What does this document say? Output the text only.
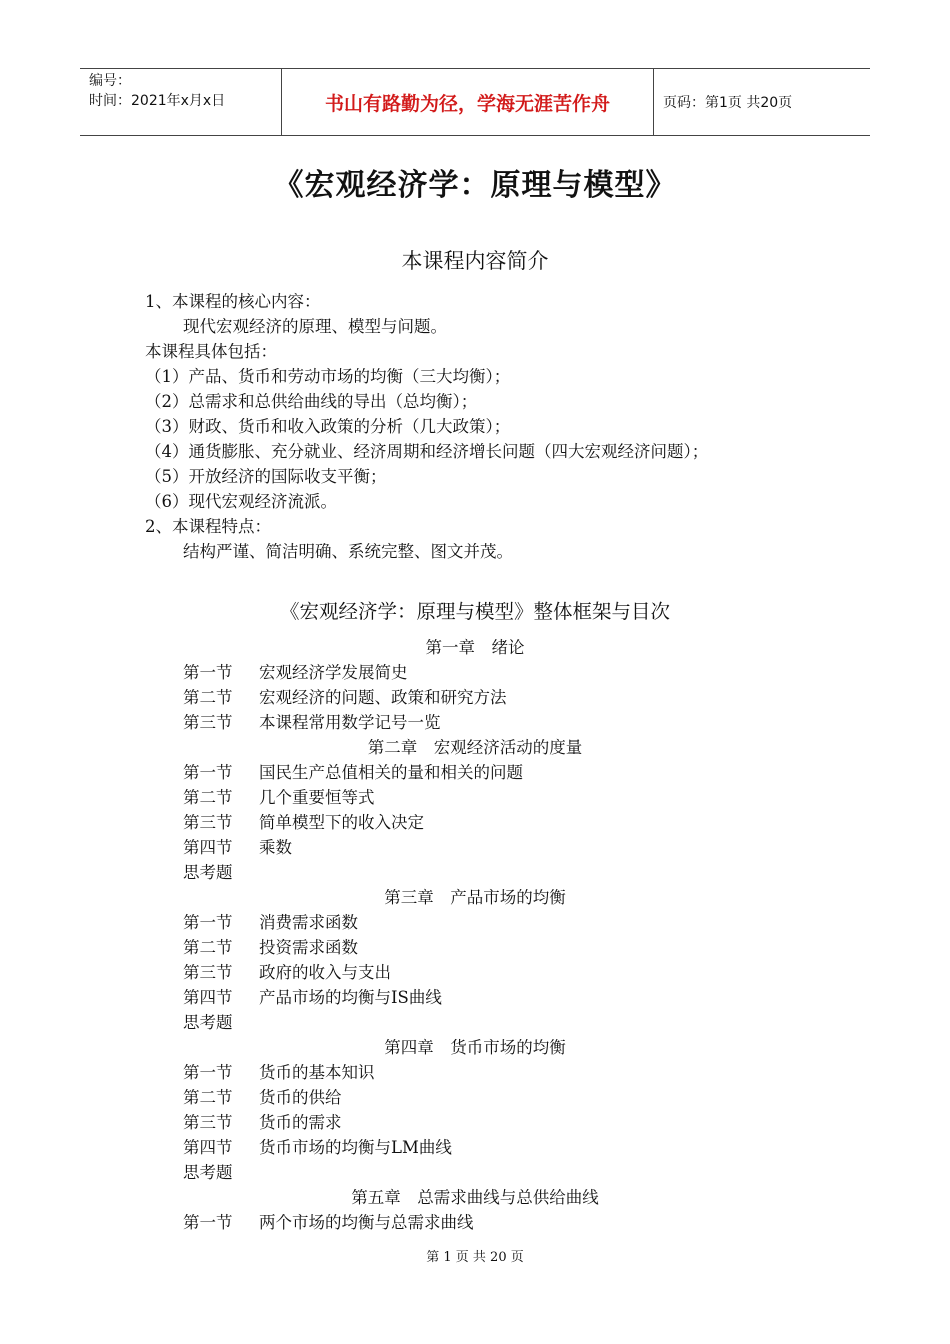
编号：
时间：2021年x月x日	书山有路勤为径，学海无涯苦作舟	页码：第1页 共20页
《宏观经济学：原理与模型》
本课程内容简介
1、本课程的核心内容：
现代宏观经济的原理、模型与问题。
本课程具体包括：
（1）产品、货币和劳动市场的均衡（三大均衡）；
（2）总需求和总供给曲线的导出（总均衡）；
（3）财政、货币和收入政策的分析（几大政策）；
（4）通货膨胀、充分就业、经济周期和经济增长问题（四大宏观经济问题）；
（5）开放经济的国际收支平衡；
（6）现代宏观经济流派。
2、本课程特点：
结构严谨、简洁明确、系统完整、图文并茂。
《宏观经济学：原理与模型》整体框架与目次
第一章　绪论
第一节 宏观经济学发展简史
第二节 宏观经济的问题、政策和研究方法
第三节 本课程常用数学记号一览
第二章　宏观经济活动的度量
第一节 国民生产总值相关的量和相关的问题
第二节 几个重要恒等式
第三节 简单模型下的收入决定
第四节 乘数
思考题
第三章　产品市场的均衡
第一节 消费需求函数
第二节 投资需求函数
第三节 政府的收入与支出
第四节 产品市场的均衡与IS曲线
思考题
第四章　货币市场的均衡
第一节 货币的基本知识
第二节 货币的供给
第三节 货币的需求
第四节 货币市场的均衡与LM曲线
思考题
第五章　总需求曲线与总供给曲线
第一节 两个市场的均衡与总需求曲线
第 1 页 共 20 页
